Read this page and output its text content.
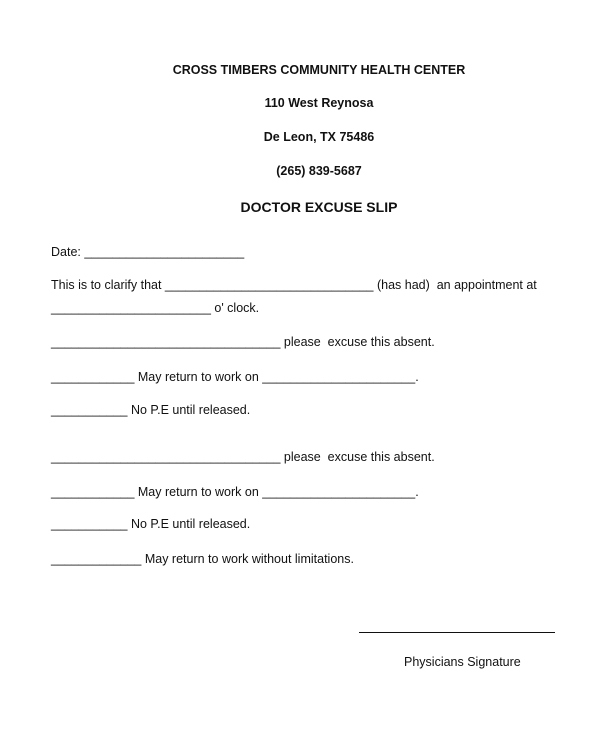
CROSS TIMBERS COMMUNITY HEALTH CENTER
110 West Reynosa
De Leon, TX 75486
(265) 839-5687
DOCTOR EXCUSE SLIP
Date: _______________________
This is to clarify that ______________________________ (has had)  an appointment at
_______________________ o' clock.
_________________________________ please  excuse this absent.
____________ May return to work on ______________________.
___________ No P.E until released.
_________________________________ please  excuse this absent.
____________ May return to work on ______________________.
___________ No P.E until released.
_____________ May return to work without limitations.
Physicians Signature
